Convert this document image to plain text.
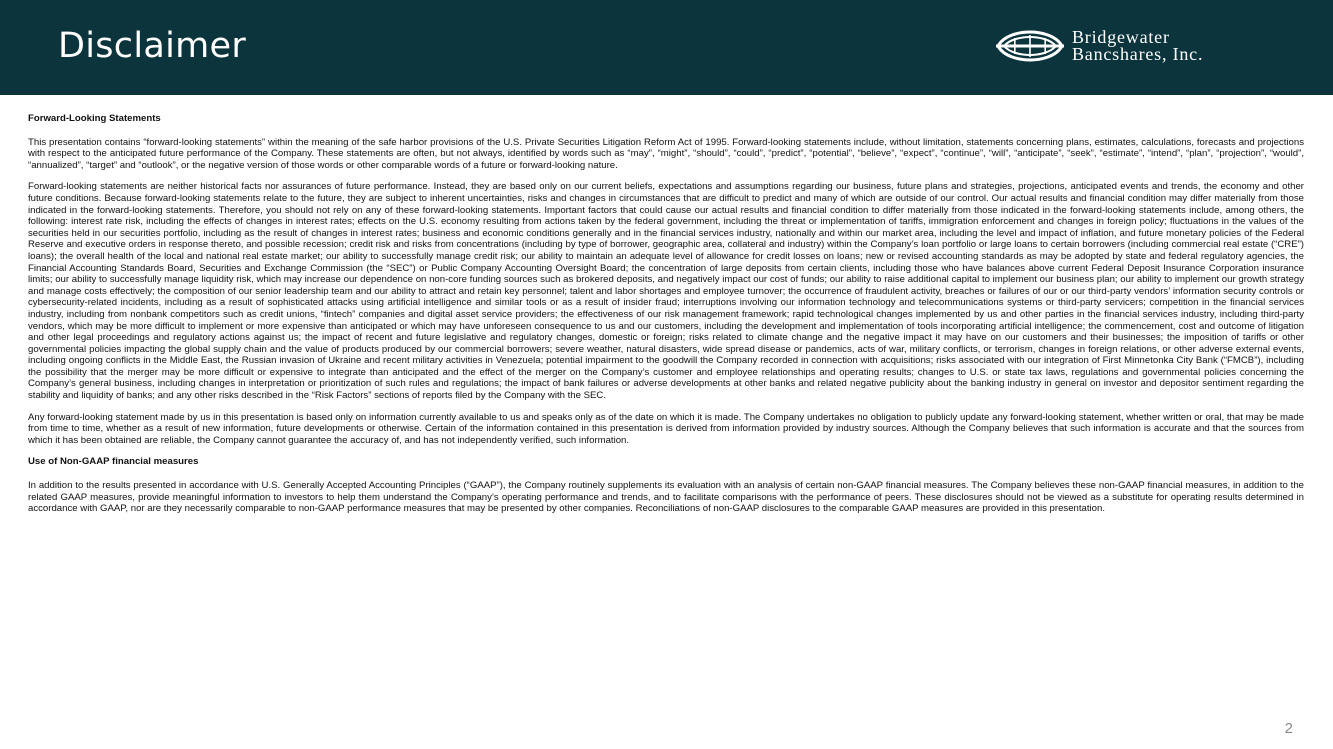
Disclaimer	Bridgewater
Bancshares, Inc.
Forward-Looking Statements

This presentation contains “forward-looking statements” within the meaning of the safe harbor provisions of the U.S. Private Securities Litigation Reform Act of 1995. Forward-looking statements include, without limitation, statements concerning plans, estimates, calculations, forecasts and projections with respect to the anticipated future performance of the Company. These statements are often, but not always, identified by words such as “may”, “might”, “should”, “could”, “predict”, “potential”, “believe”, “expect”, “continue”, “will”, “anticipate”, “seek”, “estimate”, “intend”, “plan”, “projection”, “would”, “annualized”, “target” and “outlook”, or the negative version of those words or other comparable words of a future or forward-looking nature.

Forward-looking statements are neither historical facts nor assurances of future performance. Instead, they are based only on our current beliefs, expectations and assumptions regarding our business, future plans and strategies, projections, anticipated events and trends, the economy and other future conditions. Because forward-looking statements relate to the future, they are subject to inherent uncertainties, risks and changes in circumstances that are difficult to predict and many of which are outside of our control. Our actual results and financial condition may differ materially from those indicated in the forward-looking statements. Therefore, you should not rely on any of these forward-looking statements. Important factors that could cause our actual results and financial condition to differ materially from those indicated in the forward-looking statements include, among others, the following: interest rate risk, including the effects of changes in interest rates; effects on the U.S. economy resulting from actions taken by the federal government, including the threat or implementation of tariffs, immigration enforcement and changes in foreign policy; fluctuations in the values of the securities held in our securities portfolio, including as the result of changes in interest rates; business and economic conditions generally and in the financial services industry, nationally and within our market area, including the level and impact of inflation, and future monetary policies of the Federal Reserve and executive orders in response thereto, and possible recession; credit risk and risks from concentrations (including by type of borrower, geographic area, collateral and industry) within the Company’s loan portfolio or large loans to certain borrowers (including commercial real estate (“CRE”) loans); the overall health of the local and national real estate market; our ability to successfully manage credit risk; our ability to maintain an adequate level of allowance for credit losses on loans; new or revised accounting standards as may be adopted by state and federal regulatory agencies, the Financial Accounting Standards Board, Securities and Exchange Commission (the “SEC”) or Public Company Accounting Oversight Board; the concentration of large deposits from certain clients, including those who have balances above current Federal Deposit Insurance Corporation insurance limits; our ability to successfully manage liquidity risk, which may increase our dependence on non-core funding sources such as brokered deposits, and negatively impact our cost of funds; our ability to raise additional capital to implement our business plan; our ability to implement our growth strategy and manage costs effectively; the composition of our senior leadership team and our ability to attract and retain key personnel; talent and labor shortages and employee turnover; the occurrence of fraudulent activity, breaches or failures of our or our third-party vendors’ information security controls or cybersecurity-related incidents, including as a result of sophisticated attacks using artificial intelligence and similar tools or as a result of insider fraud; interruptions involving our information technology and telecommunications systems or third-party servicers; competition in the financial services industry, including from nonbank competitors such as credit unions, “fintech” companies and digital asset service providers; the effectiveness of our risk management framework; rapid technological changes implemented by us and other parties in the financial services industry, including third-party vendors, which may be more difficult to implement or more expensive than anticipated or which may have unforeseen consequence to us and our customers, including the development and implementation of tools incorporating artificial intelligence; the commencement, cost and outcome of litigation and other legal proceedings and regulatory actions against us; the impact of recent and future legislative and regulatory changes, domestic or foreign; risks related to climate change and the negative impact it may have on our customers and their businesses; the imposition of tariffs or other governmental policies impacting the global supply chain and the value of products produced by our commercial borrowers; severe weather, natural disasters, wide spread disease or pandemics, acts of war, military conflicts, or terrorism, changes in foreign relations, or other adverse external events, including ongoing conflicts in the Middle East, the Russian invasion of Ukraine and recent military activities in Venezuela; potential impairment to the goodwill the Company recorded in connection with acquisitions; risks associated with our integration of First Minnetonka City Bank (“FMCB”), including the possibility that the merger may be more difficult or expensive to integrate than anticipated and the effect of the merger on the Company’s customer and employee relationships and operating results; changes to U.S. or state tax laws, regulations and governmental policies concerning the Company’s general business, including changes in interpretation or prioritization of such rules and regulations; the impact of bank failures or adverse developments at other banks and related negative publicity about the banking industry in general on investor and depositor sentiment regarding the stability and liquidity of banks; and any other risks described in the “Risk Factors” sections of reports filed by the Company with the SEC.

Any forward-looking statement made by us in this presentation is based only on information currently available to us and speaks only as of the date on which it is made. The Company undertakes no obligation to publicly update any forward-looking statement, whether written or oral, that may be made from time to time, whether as a result of new information, future developments or otherwise. Certain of the information contained in this presentation is derived from information provided by industry sources. Although the Company believes that such information is accurate and that the sources from which it has been obtained are reliable, the Company cannot guarantee the accuracy of, and has not independently verified, such information.

Use of Non-GAAP financial measures

In addition to the results presented in accordance with U.S. Generally Accepted Accounting Principles (“GAAP”), the Company routinely supplements its evaluation with an analysis of certain non-GAAP financial measures. The Company believes these non-GAAP financial measures, in addition to the related GAAP measures, provide meaningful information to investors to help them understand the Company’s operating performance and trends, and to facilitate comparisons with the performance of peers. These disclosures should not be viewed as a substitute for operating results determined in accordance with GAAP, nor are they necessarily comparable to non-GAAP performance measures that may be presented by other companies. Reconciliations of non-GAAP disclosures to the comparable GAAP measures are provided in this presentation.

2
